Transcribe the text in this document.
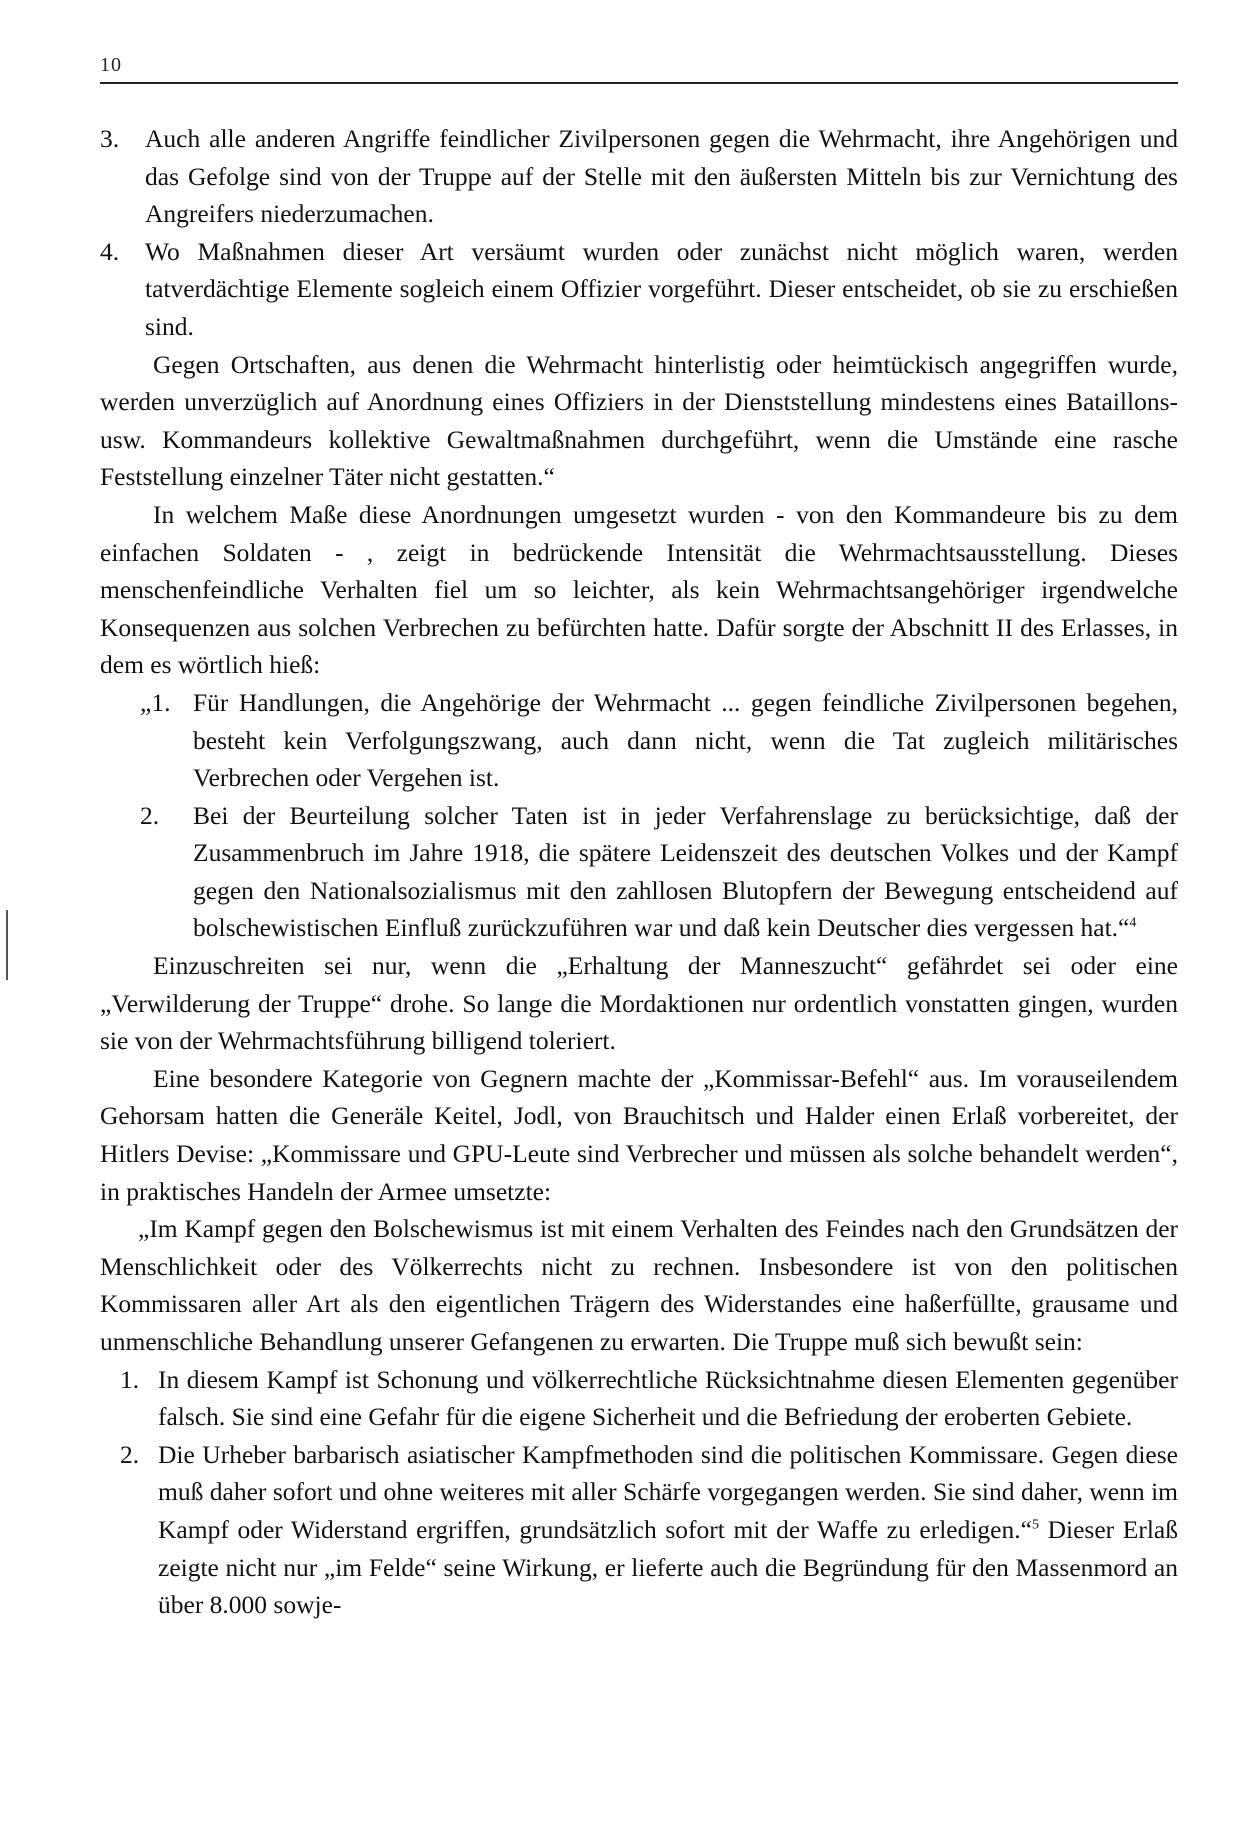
10
3. Auch alle anderen Angriffe feindlicher Zivilpersonen gegen die Wehrmacht, ihre Angehörigen und das Gefolge sind von der Truppe auf der Stelle mit den äußersten Mitteln bis zur Vernichtung des Angreifers niederzumachen.
4. Wo Maßnahmen dieser Art versäumt wurden oder zunächst nicht möglich waren, werden tatverdächtige Elemente sogleich einem Offizier vorgeführt. Dieser entscheidet, ob sie zu erschießen sind.

Gegen Ortschaften, aus denen die Wehrmacht hinterlistig oder heimtückisch angegriffen wurde, werden unverzüglich auf Anordnung eines Offiziers in der Dienststellung mindestens eines Bataillons- usw. Kommandeurs kollektive Gewaltmaßnahmen durchgeführt, wenn die Umstände eine rasche Feststellung einzelner Täter nicht gestatten.“

In welchem Maße diese Anordnungen umgesetzt wurden - von den Kommandeure bis zu dem einfachen Soldaten - , zeigt in bedrückende Intensität die Wehrmachtsausstellung. Dieses menschenfeindliche Verhalten fiel um so leichter, als kein Wehrmachtsangehöriger irgendwelche Konsequenzen aus solchen Verbrechen zu befürchten hatte. Dafür sorgte der Abschnitt II des Erlasses, in dem es wörtlich hieß:

„1. Für Handlungen, die Angehörige der Wehrmacht ... gegen feindliche Zivilpersonen begehen, besteht kein Verfolgungszwang, auch dann nicht, wenn die Tat zugleich militärisches Verbrechen oder Vergehen ist.
2. Bei der Beurteilung solcher Taten ist in jeder Verfahrenslage zu berücksichtige, daß der Zusammenbruch im Jahre 1918, die spätere Leidenszeit des deutschen Volkes und der Kampf gegen den Nationalsozialismus mit den zahllosen Blutopfern der Bewegung entscheidend auf bolschewistischen Einfluß zurückzuführen war und daß kein Deutscher dies vergessen hat.“$^4$

Einzuschreiten sei nur, wenn die „Erhaltung der Manneszucht“ gefährdet sei oder eine „Verwilderung der Truppe“ drohe. So lange die Mordaktionen nur ordentlich vonstatten gingen, wurden sie von der Wehrmachtsführung billigend toleriert.

Eine besondere Kategorie von Gegnern machte der „Kommissar-Befehl“ aus. Im vorauseilendem Gehorsam hatten die Generäle Keitel, Jodl, von Brauchitsch und Halder einen Erlaß vorbereitet, der Hitlers Devise: „Kommissare und GPU-Leute sind Verbrecher und müssen als solche behandelt werden“, in praktisches Handeln der Armee umsetzte:

„Im Kampf gegen den Bolschewismus ist mit einem Verhalten des Feindes nach den Grundsätzen der Menschlichkeit oder des Völkerrechts nicht zu rechnen. Insbesondere ist von den politischen Kommissaren aller Art als den eigentlichen Trägern des Widerstandes eine haßerfüllte, grausame und unmenschliche Behandlung unserer Gefangenen zu erwarten. Die Truppe muß sich bewußt sein:

1. In diesem Kampf ist Schonung und völkerrechtliche Rücksichtnahme diesen Elementen gegenüber falsch. Sie sind eine Gefahr für die eigene Sicherheit und die Befriedung der eroberten Gebiete.
2. Die Urheber barbarisch asiatischer Kampfmethoden sind die politischen Kommissare. Gegen diese muß daher sofort und ohne weiteres mit aller Schärfe vorgegangen werden. Sie sind daher, wenn im Kampf oder Widerstand ergriffen, grundsätzlich sofort mit der Waffe zu erledigen.“$^5$ Dieser Erlaß zeigte nicht nur „im Felde“ seine Wirkung, er lieferte auch die Begründung für den Massenmord an über 8.000 sowje-
